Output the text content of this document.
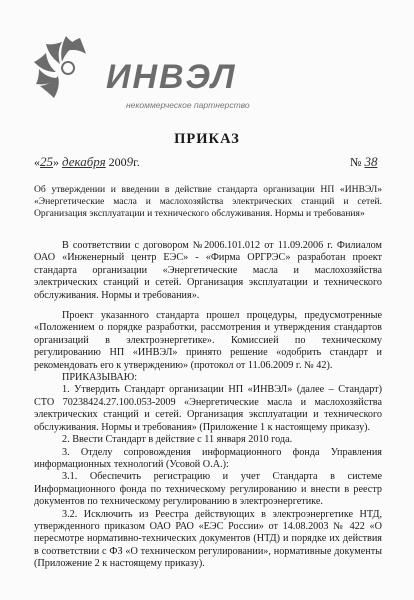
ИНВЭЛ
некоммерческое партнерство
ПРИКАЗ
«25» декабря 2009г.	№ 38
Об утверждении и введении в действие стандарта организации НП «ИНВЭЛ» «Энергетические масла и маслохозяйства электрических станций и сетей. Организация эксплуатации и технического обслуживания. Нормы и требования»

В соответствии с договором №2006.101.012 от 11.09.2006 г. Филиалом ОАО «Инженерный центр ЕЭС» - «Фирма ОРГРЭС» разработан проект стандарта организации «Энергетические масла и маслохозяйства электрических станций и сетей. Организация эксплуатации и технического обслуживания. Нормы и требования».

Проект указанного стандарта прошел процедуры, предусмотренные «Положением о порядке разработки, рассмотрения и утверждения стандартов организаций в электроэнергетике». Комиссией по техническому регулированию НП «ИНВЭЛ» принято решение «одобрить стандарт и рекомендовать его к утверждению» (протокол от 11.06.2009 г. № 42).

ПРИКАЗЫВАЮ:

1. Утвердить Стандарт организации НП «ИНВЭЛ» (далее – Стандарт) СТО 70238424.27.100.053-2009 «Энергетические масла и маслохозяйства электрических станций и сетей. Организация эксплуатации и технического обслуживания. Нормы и требования» (Приложение 1 к настоящему приказу).

2. Ввести Стандарт в действие с 11 января 2010 года.

3. Отделу сопровождения информационного фонда Управления информационных технологий (Усовой О.А.):

3.1. Обеспечить регистрацию и учет Стандарта в системе Информационного фонда по техническому регулированию и внести в реестр документов по техническому регулированию в электроэнергетике.

3.2. Исключить из Реестра действующих в электроэнергетике НТД, утвержденного приказом ОАО РАО «ЕЭС России» от 14.08.2003 № 422 «О пересмотре нормативно-технических документов (НТД) и порядке их действия в соответствии с ФЗ «О техническом регулировании», нормативные документы (Приложение 2 к настоящему приказу).
